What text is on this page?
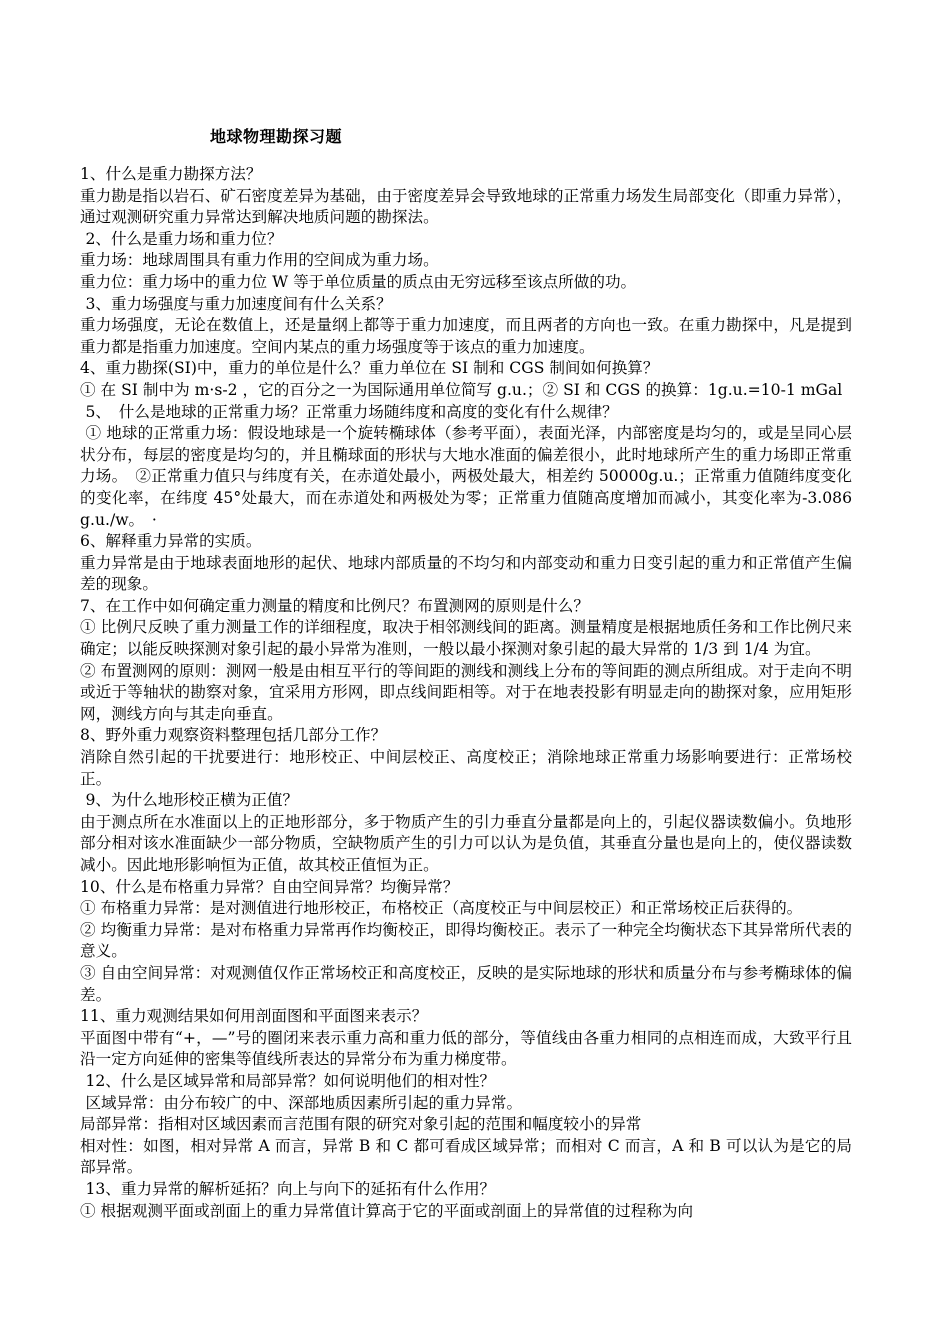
地球物理勘探习题

1、什么是重力勘探方法？

重力勘是指以岩石、矿石密度差异为基础，由于密度差异会导致地球的正常重力场发生局部变化（即重力异常），通过观测研究重力异常达到解决地质问题的勘探法。

2、什么是重力场和重力位？

重力场：地球周围具有重力作用的空间成为重力场。

重力位：重力场中的重力位 W 等于单位质量的质点由无穷远移至该点所做的功。

3、重力场强度与重力加速度间有什么关系？

重力场强度，无论在数值上，还是量纲上都等于重力加速度，而且两者的方向也一致。在重力勘探中，凡是提到重力都是指重力加速度。空间内某点的重力场强度等于该点的重力加速度。

4、重力勘探(SI)中，重力的单位是什么？重力单位在 SI 制和 CGS 制间如何换算？

① 在 SI 制中为 m·s-2 ，它的百分之一为国际通用单位简写 g.u.；② SI 和 CGS 的换算：1g.u.=10-1 mGal

5、　什么是地球的正常重力场？正常重力场随纬度和高度的变化有什么规律？

① 地球的正常重力场：假设地球是一个旋转椭球体（参考平面），表面光泽，内部密度是均匀的，或是呈同心层状分布，每层的密度是均匀的，并且椭球面的形状与大地水准面的偏差很小，此时地球所产生的重力场即正常重力场。　②正常重力值只与纬度有关，在赤道处最小，两极处最大，相差约 50000g.u.；正常重力值随纬度变化的变化率，在纬度 45°处最大，而在赤道处和两极处为零；正常重力值随高度增加而减小，其变化率为-3.086 g.u./w。　·

6、解释重力异常的实质。

重力异常是由于地球表面地形的起伏、地球内部质量的不均匀和内部变动和重力日变引起的重力和正常值产生偏差的现象。

7、在工作中如何确定重力测量的精度和比例尺？布置测网的原则是什么？

① 比例尺反映了重力测量工作的详细程度，取决于相邻测线间的距离。测量精度是根据地质任务和工作比例尺来确定；以能反映探测对象引起的最小异常为准则，一般以最小探测对象引起的最大异常的 1/3 到 1/4 为宜。

② 布置测网的原则：测网一般是由相互平行的等间距的测线和测线上分布的等间距的测点所组成。对于走向不明或近于等轴状的勘察对象，宜采用方形网，即点线间距相等。对于在地表投影有明显走向的勘探对象，应用矩形网，测线方向与其走向垂直。

8、野外重力观察资料整理包括几部分工作？

消除自然引起的干扰要进行：地形校正、中间层校正、高度校正；消除地球正常重力场影响要进行：正常场校正。

9、为什么地形校正横为正值？

由于测点所在水准面以上的正地形部分，多于物质产生的引力垂直分量都是向上的，引起仪器读数偏小。负地形部分相对该水准面缺少一部分物质，空缺物质产生的引力可以认为是负值，其垂直分量也是向上的，使仪器读数减小。因此地形影响恒为正值，故其校正值恒为正。

10、什么是布格重力异常？自由空间异常？均衡异常？

① 布格重力异常：是对测值进行地形校正，布格校正（高度校正与中间层校正）和正常场校正后获得的。

② 均衡重力异常：是对布格重力异常再作均衡校正，即得均衡校正。表示了一种完全均衡状态下其异常所代表的意义。

③ 自由空间异常：对观测值仅作正常场校正和高度校正，反映的是实际地球的形状和质量分布与参考椭球体的偏差。

11、重力观测结果如何用剖面图和平面图来表示？

平面图中带有“+，—”号的圈闭来表示重力高和重力低的部分，等值线由各重力相同的点相连而成，大致平行且沿一定方向延伸的密集等值线所表达的异常分布为重力梯度带。

12、什么是区域异常和局部异常？如何说明他们的相对性？

区域异常：由分布较广的中、深部地质因素所引起的重力异常。

局部异常：指相对区域因素而言范围有限的研究对象引起的范围和幅度较小的异常

相对性：如图，相对异常 A 而言，异常 B 和 C 都可看成区域异常；而相对 C 而言，A 和 B 可以认为是它的局部异常。

13、重力异常的解析延拓？向上与向下的延拓有什么作用？

① 根据观测平面或剖面上的重力异常值计算高于它的平面或剖面上的异常值的过程称为向
